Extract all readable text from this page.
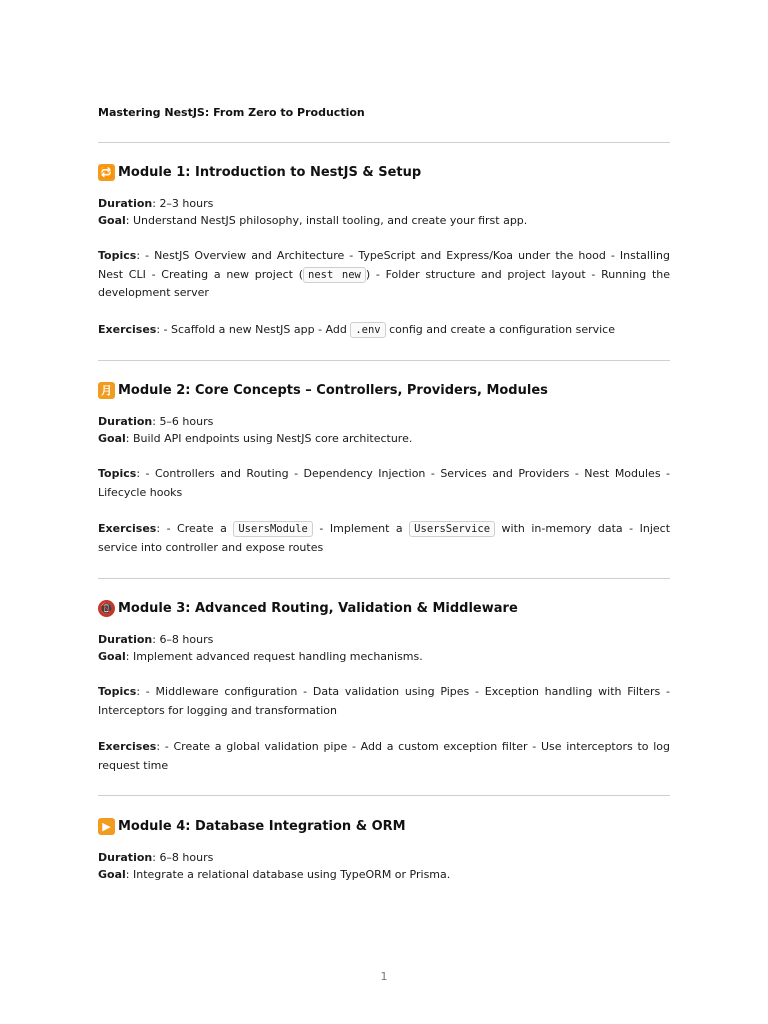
Mastering NestJS: From Zero to Production
🔁 Module 1: Introduction to NestJS & Setup
Duration: 2–3 hours
Goal: Understand NestJS philosophy, install tooling, and create your first app.
Topics: - NestJS Overview and Architecture - TypeScript and Express/Koa under the hood - Installing Nest CLI - Creating a new project ( nest new ) - Folder structure and project layout - Running the development server
Exercises: - Scaffold a new NestJS app - Add .env config and create a configuration service
月 Module 2: Core Concepts – Controllers, Providers, Modules
Duration: 5–6 hours
Goal: Build API endpoints using NestJS core architecture.
Topics: - Controllers and Routing - Dependency Injection - Services and Providers - Nest Modules - Lifecycle hooks
Exercises: - Create a UsersModule - Implement a UsersService with in-memory data - Inject service into controller and expose routes
📵 Module 3: Advanced Routing, Validation & Middleware
Duration: 6–8 hours
Goal: Implement advanced request handling mechanisms.
Topics: - Middleware configuration - Data validation using Pipes - Exception handling with Filters - Interceptors for logging and transformation
Exercises: - Create a global validation pipe - Add a custom exception filter - Use interceptors to log request time
▶ Module 4: Database Integration & ORM
Duration: 6–8 hours
Goal: Integrate a relational database using TypeORM or Prisma.
1
